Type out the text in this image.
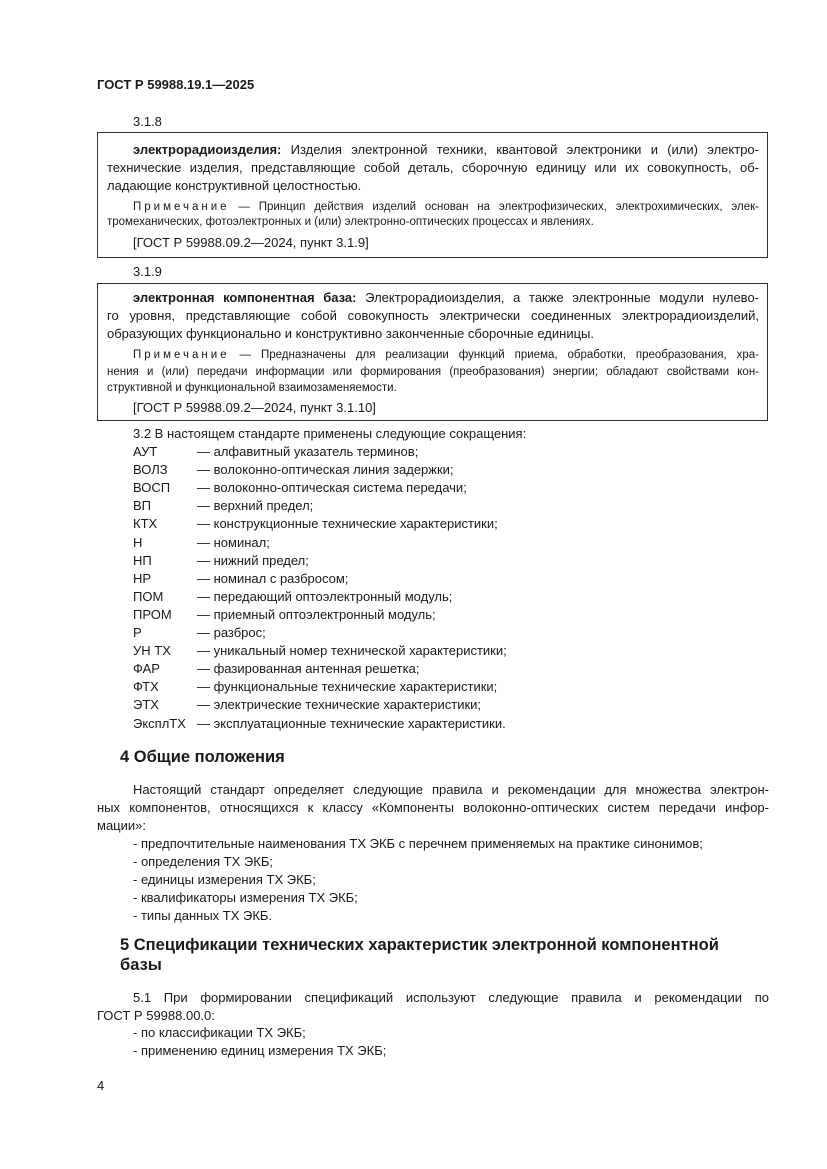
ГОСТ Р 59988.19.1—2025
3.1.8
электрорадиоизделия: Изделия электронной техники, квантовой электроники и (или) электро-
технические изделия, представляющие собой деталь, сборочную единицу или их совокупность, об-
ладающие конструктивной целостностью.
Примечание — Принцип действия изделий основан на электрофизических, электрохимических, элек-
тромеханических, фотоэлектронных и (или) электронно-оптических процессах и явлениях.
[ГОСТ Р 59988.09.2—2024, пункт 3.1.9]
3.1.9
электронная компонентная база: Электрорадиоизделия, а также электронные модули нулево-
го уровня, представляющие собой совокупность электрически соединенных электрорадиоизделий,
образующих функционально и конструктивно законченные сборочные единицы.
Примечание — Предназначены для реализации функций приема, обработки, преобразования, хра-
нения и (или) передачи информации или формирования (преобразования) энергии; обладают свойствами кон-
структивной и функциональной взаимозаменяемости.
[ГОСТ Р 59988.09.2—2024, пункт 3.1.10]
3.2 В настоящем стандарте применены следующие сокращения:
АУТ	— алфавитный указатель терминов;
ВОЛЗ — волоконно-оптическая линия задержки;
ВОСП — волоконно-оптическая система передачи;
ВП	— верхний предел;
КТХ	— конструкционные технические характеристики;
Н	— номинал;
НП	— нижний предел;
НР	— номинал с разбросом;
ПОМ	— передающий оптоэлектронный модуль;
ПРОМ — приемный оптоэлектронный модуль;
Р	— разброс;
УН ТХ — уникальный номер технической характеристики;
ФАР	— фазированная антенная решетка;
ФТХ	— функциональные технические характеристики;
ЭТХ	— электрические технические характеристики;
ЭксплТХ — эксплуатационные технические характеристики.
4 Общие положения
Настоящий стандарт определяет следующие правила и рекомендации для множества электрон-
ных компонентов, относящихся к классу «Компоненты волоконно-оптических систем передачи инфор-
мации»:
- предпочтительные наименования ТХ ЭКБ с перечнем применяемых на практике синонимов;
- определения ТХ ЭКБ;
- единицы измерения ТХ ЭКБ;
- квалификаторы измерения ТХ ЭКБ;
- типы данных ТХ ЭКБ.
5 Спецификации технических характеристик электронной компонентной
базы
5.1 При формировании спецификаций используют следующие правила и рекомендации по
ГОСТ Р 59988.00.0:
- по классификации ТХ ЭКБ;
- применению единиц измерения ТХ ЭКБ;
4
